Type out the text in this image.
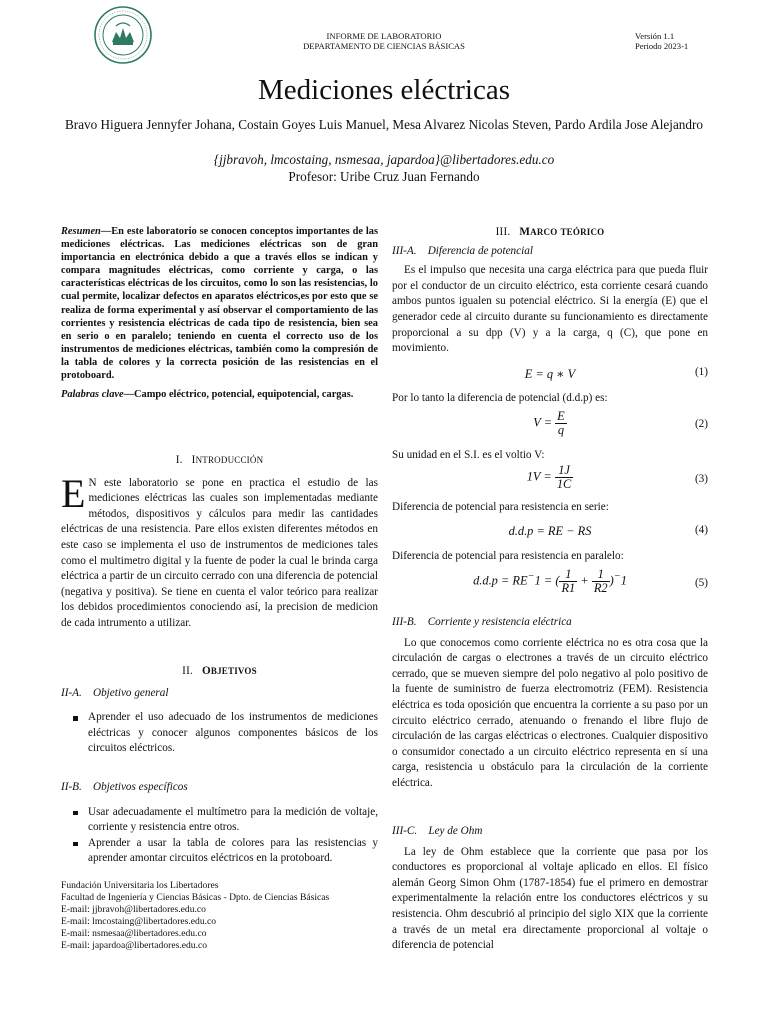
INFORME DE LABORATORIO
DEPARTAMENTO DE CIENCIAS BÁSICAS
Versión 1.1
Periodo 2023-1
Mediciones eléctricas
Bravo Higuera Jennyfer Johana, Costain Goyes Luis Manuel, Mesa Alvarez Nicolas Steven, Pardo Ardila Jose Alejandro
{jjbravoh, lmcostaing, nsmesaa, japardoa}@libertadores.edu.co
Profesor: Uribe Cruz Juan Fernando
Resumen—En este laboratorio se conocen conceptos importantes de las mediciones eléctricas. Las mediciones eléctricas son de gran importancia en electrónica debido a que a través ellos se indican y compara magnitudes eléctricas, como corriente y carga, o las características eléctricas de los circuitos, como lo son las resistencias, lo cual permite, localizar defectos en aparatos eléctricos,es por esto que se realiza de forma experimental y así observar el comportamiento de las corrientes y resistencia eléctricas de cada tipo de resistencia, bien sea en serio o en paralelo; teniendo en cuenta el correcto uso de los instrumentos de mediciones eléctricas, también como la compresión de la tabla de colores y la correcta posición de las resistencias en el protoboard.
Palabras clave—Campo eléctrico, potencial, equipotencial, cargas.
I. INTRODUCCIÓN
E N este laboratorio se pone en practica el estudio de las mediciones eléctricas las cuales son implementadas mediante métodos, dispositivos y cálculos para medir las cantidades eléctricas de una resistencia. Pare ellos existen diferentes métodos en este caso se implementa el uso de instrumentos de mediciones tales como el multimetro digital y la fuente de poder la cual le brinda carga eléctrica a partir de un circuito cerrado con una diferencia de potencial (negativa y positiva). Se tiene en cuenta el valor teórico para realizar los debidos procedimientos conociendo así, la precision de medicion de cada intrumento a utilizar.
II. OBJETIVOS
II-A.    Objetivo general
Aprender el uso adecuado de los instrumentos de mediciones eléctricas y conocer algunos componentes básicos de los circuitos eléctricos.
II-B.    Objetivos específicos
Usar adecuadamente el multímetro para la medición de voltaje, corriente y resistencia entre otros.
Aprender a usar la tabla de colores para las resistencias y aprender amontar circuitos eléctricos en la protoboard.
Fundación Universitaria los Libertadores
Facultad de Ingeniería y Ciencias Básicas - Dpto. de Ciencias Básicas
E-mail: jjbravoh@libertadores.edu.co
E-mail: lmcostaing@libertadores.edu.co
E-mail: nsmesaa@libertadores.edu.co
E-mail: japardoa@libertadores.edu.co
III. MARCO TEÓRICO
III-A.    Diferencia de potencial
Es el impulso que necesita una carga eléctrica para que pueda fluir por el conductor de un circuito eléctrico, esta corriente cesará cuando ambos puntos igualen su potencial eléctrico. Si la energía (E) que el generador cede al circuito durante su funcionamiento es directamente proporcional a su dpp (V) y a la carga, q (C), que pone en movimiento.
E = q ∗ V	(1)
Por lo tanto la diferencia de potencial (d.d.p) es:
$V = \frac{E}{q}$	(2)
Su unidad en el S.I. es el voltio V:
$1V = \frac{1J}{1C}$	(3)
Diferencia de potencial para resistencia en serie:
d.d.p = RE − RS	(4)
Diferencia de potencial para resistencia en paralelo:
d.d.p = RE−1 = ( $\frac{1}{R1} + \frac{1}{R2} )^-1$	(5)
III-B.    Corriente y resistencia eléctrica
Lo que conocemos como corriente eléctrica no es otra cosa que la circulación de cargas o electrones a través de un circuito eléctrico cerrado, que se mueven siempre del polo negativo al polo positivo de la fuente de suministro de fuerza electromotriz (FEM). Resistencia eléctrica es toda oposición que encuentra la corriente a su paso por un circuito eléctrico cerrado, atenuando o frenando el libre flujo de circulación de las cargas eléctricas o electrones. Cualquier dispositivo o consumidor conectado a un circuito eléctrico representa en sí una carga, resistencia u obstáculo para la circulación de la corriente eléctrica.
III-C.    Ley de Ohm
La ley de Ohm establece que la corriente que pasa por los conductores es proporcional al voltaje aplicado en ellos. El físico alemán Georg Simon Ohm (1787-1854) fue el primero en demostrar experimentalmente la relación entre los conductores eléctricos y su resistencia. Ohm descubrió al principio del siglo XIX que la corriente a través de un metal era directamente proporcional al voltaje o diferencia de potencial
